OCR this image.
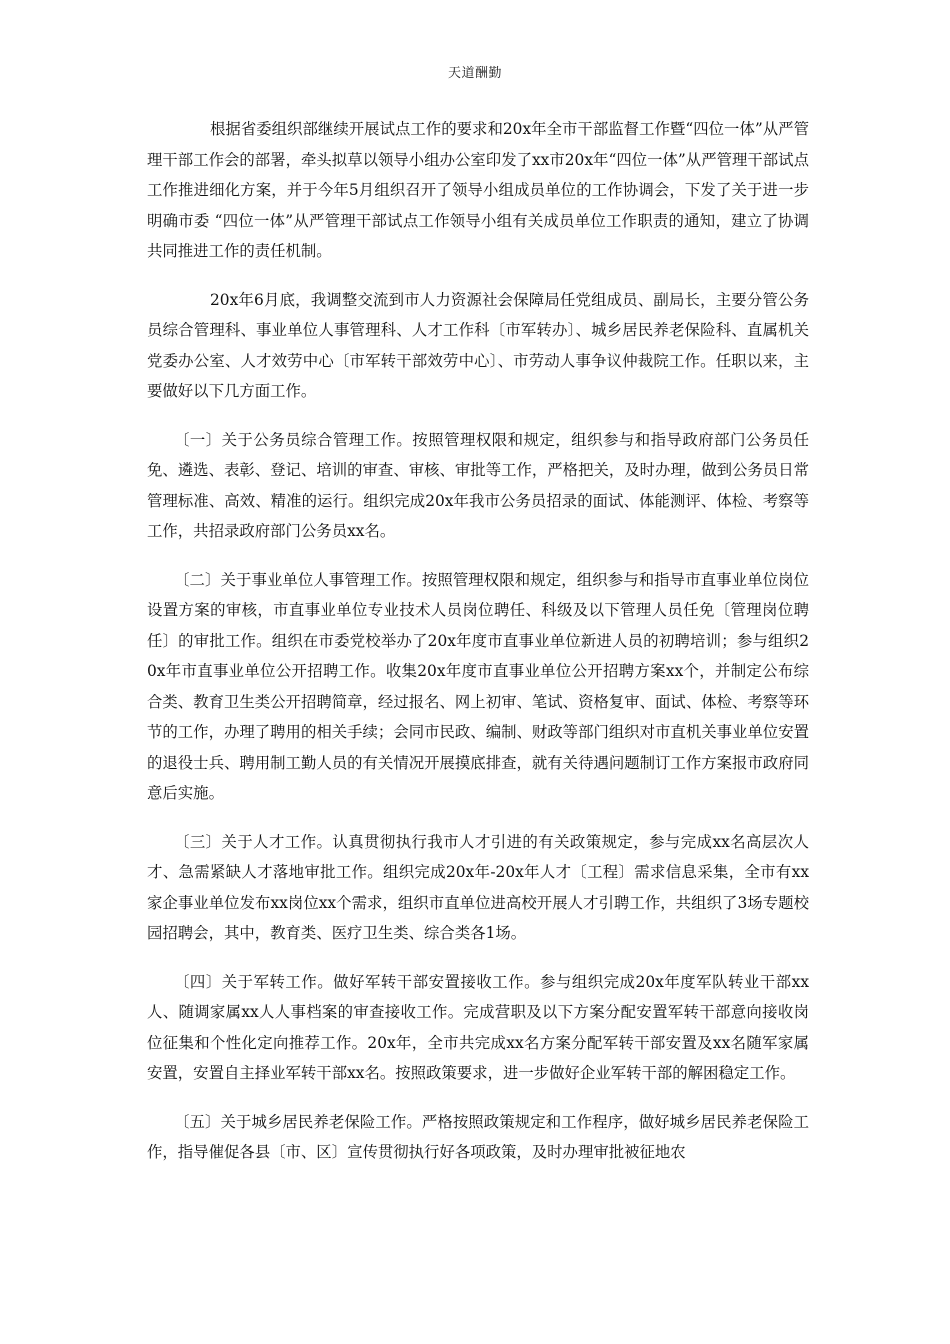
天道酬勤

根据省委组织部继续开展试点工作的要求和20x年全市干部监督工作暨“四位一体”从严管理干部工作会的部署，牵头拟草以领导小组办公室印发了xx市20x年“四位一体”从严管理干部试点工作推进细化方案，并于今年5月组织召开了领导小组成员单位的工作协调会，下发了关于进一步明确市委 “四位一体”从严管理干部试点工作领导小组有关成员单位工作职责的通知，建立了协调共同推进工作的责任机制。

20x年6月底，我调整交流到市人力资源社会保障局任党组成员、副局长，主要分管公务员综合管理科、事业单位人事管理科、人才工作科〔市军转办〕、城乡居民养老保险科、直属机关党委办公室、人才效劳中心〔市军转干部效劳中心〕、市劳动人事争议仲裁院工作。任职以来，主要做好以下几方面工作。

〔一〕关于公务员综合管理工作。按照管理权限和规定，组织参与和指导政府部门公务员任免、遴选、表彰、登记、培训的审查、审核、审批等工作，严格把关，及时办理，做到公务员日常管理标准、高效、精准的运行。组织完成20x年我市公务员招录的面试、体能测评、体检、考察等工作，共招录政府部门公务员xx名。

〔二〕关于事业单位人事管理工作。按照管理权限和规定，组织参与和指导市直事业单位岗位设置方案的审核，市直事业单位专业技术人员岗位聘任、科级及以下管理人员任免〔管理岗位聘任〕的审批工作。组织在市委党校举办了20x年度市直事业单位新进人员的初聘培训；参与组织20x年市直事业单位公开招聘工作。收集20x年度市直事业单位公开招聘方案xx个，并制定公布综合类、教育卫生类公开招聘简章，经过报名、网上初审、笔试、资格复审、面试、体检、考察等环节的工作，办理了聘用的相关手续；会同市民政、编制、财政等部门组织对市直机关事业单位安置的退役士兵、聘用制工勤人员的有关情况开展摸底排查，就有关待遇问题制订工作方案报市政府同意后实施。

〔三〕关于人才工作。认真贯彻执行我市人才引进的有关政策规定，参与完成xx名高层次人才、急需紧缺人才落地审批工作。组织完成20x年-20x年人才〔工程〕需求信息采集，全市有xx家企事业单位发布xx岗位xx个需求，组织市直单位进高校开展人才引聘工作，共组织了3场专题校园招聘会，其中，教育类、医疗卫生类、综合类各1场。

〔四〕关于军转工作。做好军转干部安置接收工作。参与组织完成20x年度军队转业干部xx人、随调家属xx人人事档案的审查接收工作。完成营职及以下方案分配安置军转干部意向接收岗位征集和个性化定向推荐工作。20x年，全市共完成xx名方案分配军转干部安置及xx名随军家属安置，安置自主择业军转干部xx名。按照政策要求，进一步做好企业军转干部的解困稳定工作。

〔五〕关于城乡居民养老保险工作。严格按照政策规定和工作程序，做好城乡居民养老保险工作，指导催促各县〔市、区〕宣传贯彻执行好各项政策，及时办理审批被征地农
